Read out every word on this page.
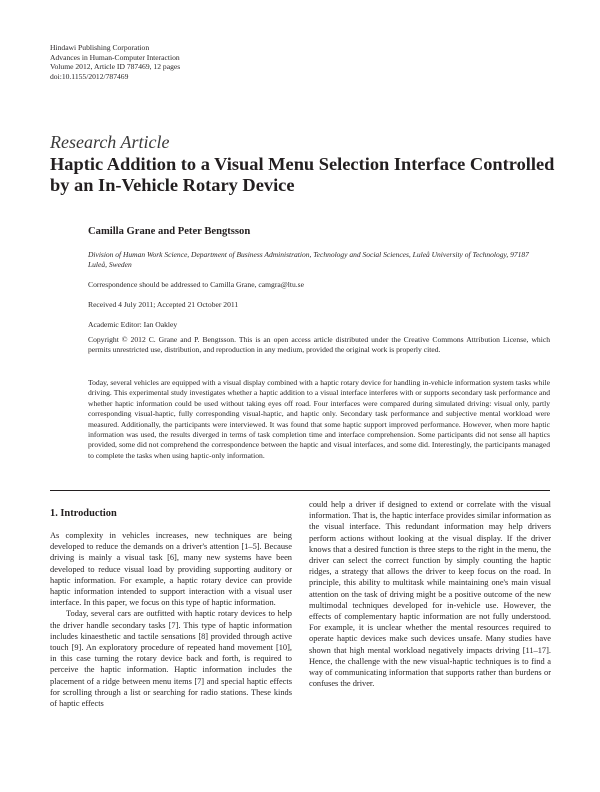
Hindawi Publishing Corporation
Advances in Human-Computer Interaction
Volume 2012, Article ID 787469, 12 pages
doi:10.1155/2012/787469
Research Article
Haptic Addition to a Visual Menu Selection Interface Controlled by an In-Vehicle Rotary Device
Camilla Grane and Peter Bengtsson
Division of Human Work Science, Department of Business Administration, Technology and Social Sciences, Luleå University of Technology, 97187 Luleå, Sweden
Correspondence should be addressed to Camilla Grane, camgra@ltu.se
Received 4 July 2011; Accepted 21 October 2011
Academic Editor: Ian Oakley
Copyright © 2012 C. Grane and P. Bengtsson. This is an open access article distributed under the Creative Commons Attribution License, which permits unrestricted use, distribution, and reproduction in any medium, provided the original work is properly cited.
Today, several vehicles are equipped with a visual display combined with a haptic rotary device for handling in-vehicle information system tasks while driving. This experimental study investigates whether a haptic addition to a visual interface interferes with or supports secondary task performance and whether haptic information could be used without taking eyes off road. Four interfaces were compared during simulated driving: visual only, partly corresponding visual-haptic, fully corresponding visual-haptic, and haptic only. Secondary task performance and subjective mental workload were measured. Additionally, the participants were interviewed. It was found that some haptic support improved performance. However, when more haptic information was used, the results diverged in terms of task completion time and interface comprehension. Some participants did not sense all haptics provided, some did not comprehend the correspondence between the haptic and visual interfaces, and some did. Interestingly, the participants managed to complete the tasks when using haptic-only information.
1. Introduction

As complexity in vehicles increases, new techniques are being developed to reduce the demands on a driver's attention [1–5]. Because driving is mainly a visual task [6], many new systems have been developed to reduce visual load by providing supporting auditory or haptic information. For example, a haptic rotary device can provide haptic information intended to support interaction with a visual user interface. In this paper, we focus on this type of haptic information.

Today, several cars are outfitted with haptic rotary devices to help the driver handle secondary tasks [7]. This type of haptic information includes kinaesthetic and tactile sensations [8] provided through active touch [9]. An exploratory procedure of repeated hand movement [10], in this case turning the rotary device back and forth, is required to perceive the haptic information. Haptic information includes the placement of a ridge between menu items [7] and special haptic effects for scrolling through a list or searching for radio stations. These kinds of haptic effects

could help a driver if designed to extend or correlate with the visual information. That is, the haptic interface provides similar information as the visual interface. This redundant information may help drivers perform actions without looking at the visual display. If the driver knows that a desired function is three steps to the right in the menu, the driver can select the correct function by simply counting the haptic ridges, a strategy that allows the driver to keep focus on the road. In principle, this ability to multitask while maintaining one's main visual attention on the task of driving might be a positive outcome of the new multimodal techniques developed for in-vehicle use. However, the effects of complementary haptic information are not fully understood. For example, it is unclear whether the mental resources required to operate haptic devices make such devices unsafe. Many studies have shown that high mental workload negatively impacts driving [11–17]. Hence, the challenge with the new visual-haptic techniques is to find a way of communicating information that supports rather than burdens or confuses the driver.
